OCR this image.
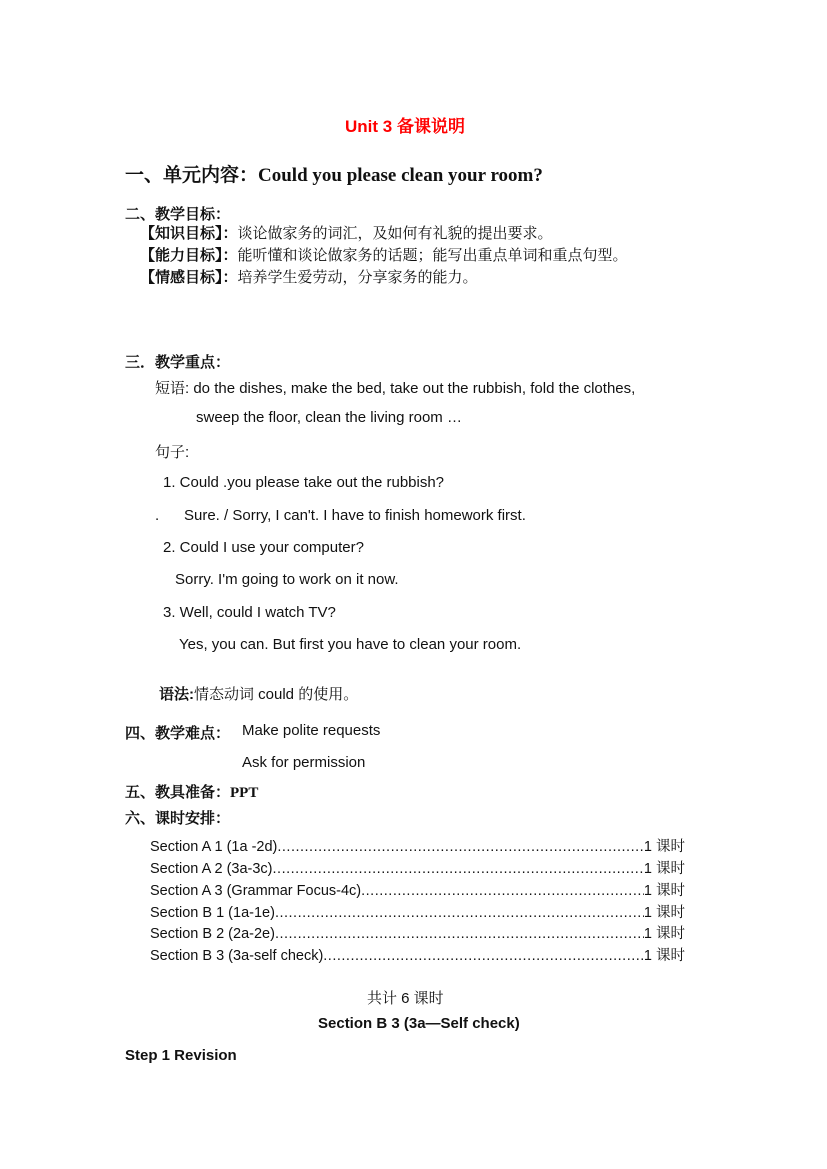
Unit 3 备课说明
一、单元内容：Could you please clean your room?
二、教学目标：
【知识目标】：谈论做家务的词汇，及如何有礼貌的提出要求。
【能力目标】：能听懂和谈论做家务的话题；能写出重点单词和重点句型。
【情感目标】：培养学生爱劳动，分享家务的能力。
三．教学重点：
短语: do the dishes, make the bed, take out the rubbish, fold the clothes,
sweep the floor, clean the living room …
句子:
1. Could .you please take out the rubbish?
. Sure. / Sorry, I can't. I have to finish homework first.
2. Could I use your computer?
Sorry. I'm going to work on it now.
3. Well, could I watch TV?
Yes, you can. But first you have to clean your room.
语法:情态动词 could 的使用。
四、教学难点： Make polite requests
Ask for permission
五、教具准备：PPT
六、课时安排：
Section A 1 (1a -2d) .....	1 课时
Section A 2 (3a-3c) .....	1 课时
Section A 3 (Grammar Focus-4c) .....	1 课时
Section B 1 (1a-1e) .....	1 课时
Section B 2 (2a-2e) .....	1 课时
Section B 3 (3a-self check) .....	1 课时
共计 6 课时
Section B 3 (3a—Self check)
Step 1 Revision
